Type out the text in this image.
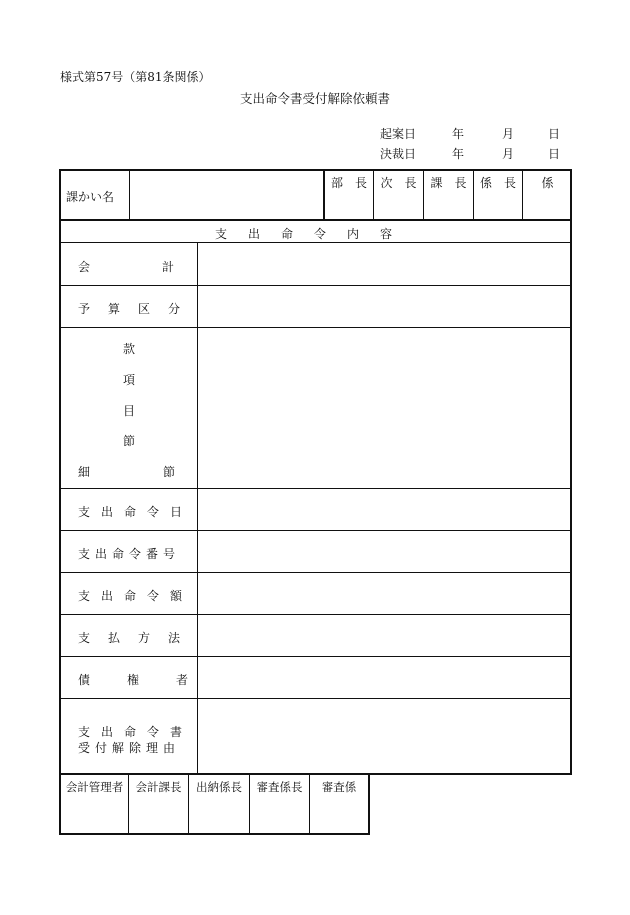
様式第57号（第81条関係）
支出命令書受付解除依頼書
起案日	年	月	日
決裁日	年	月	日
課かい名
部　長	次　長	課　長	係　長	係
支出命令内容
会計
予算区分
款
項
目
節
細節
支出命令日
支出命令番号
支出命令額
支払方法
債権者
支出命令書
受付解除理由
会計管理者	会計課長	出納係長	審査係長	審査係
